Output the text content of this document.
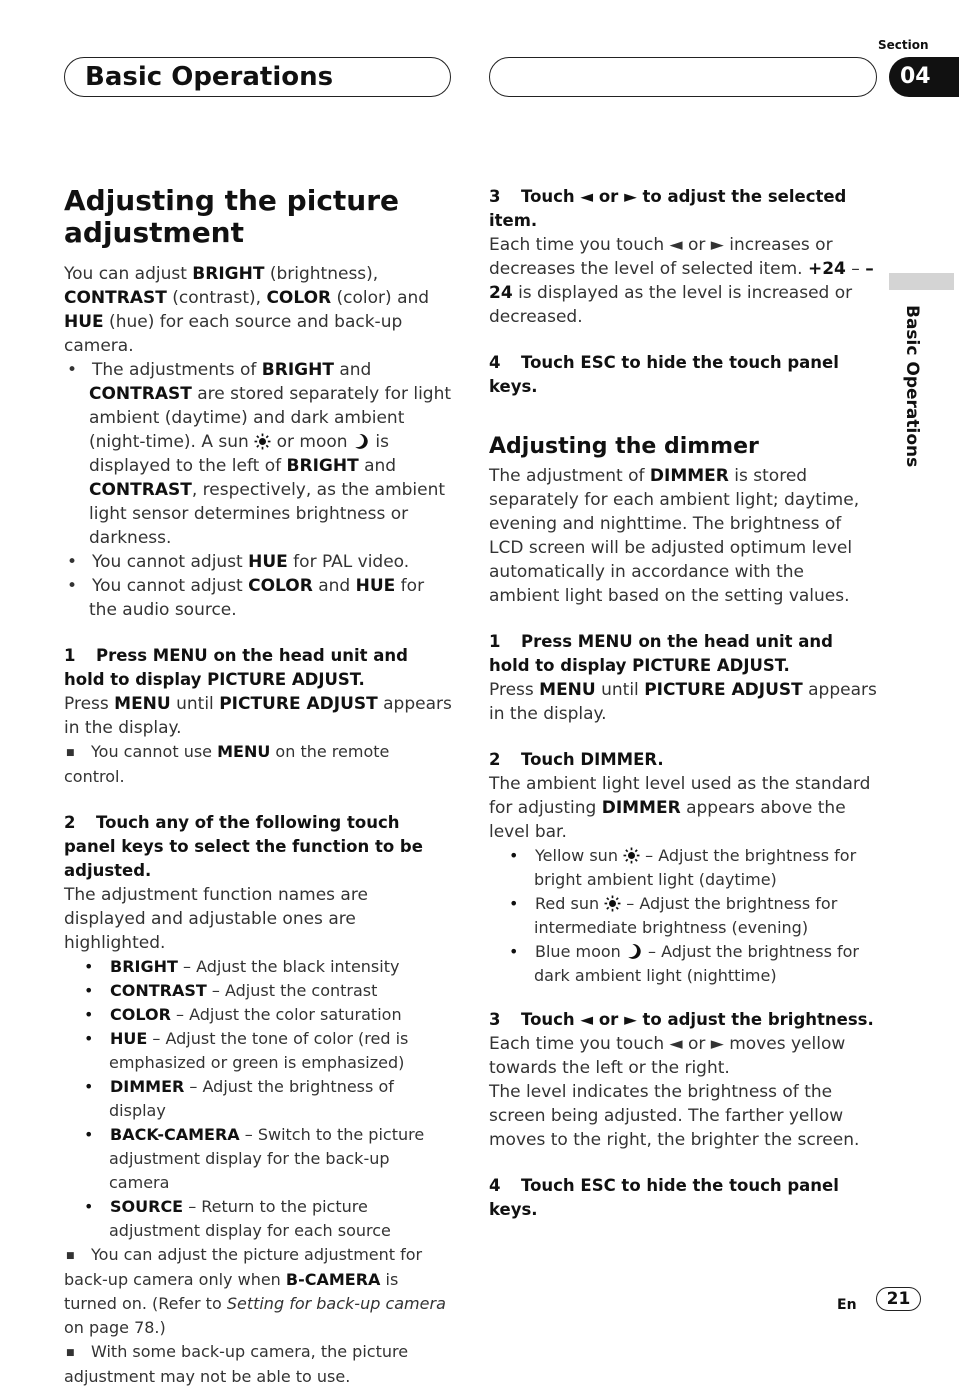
Basic Operations
Section
04
Basic Operations
Adjusting the picture adjustment

You can adjust BRIGHT (brightness), CONTRAST (contrast), COLOR (color) and HUE (hue) for each source and back-up camera.

• The adjustments of BRIGHT and CONTRAST are stored separately for light ambient (daytime) and dark ambient (night-time). A sun  or moon  is displayed to the left of BRIGHT and CONTRAST, respectively, as the ambient light sensor determines brightness or darkness.

• You cannot adjust HUE for PAL video.

• You cannot adjust COLOR and HUE for the audio source.

1 Press MENU on the head unit and hold to display PICTURE ADJUST.

Press MENU until PICTURE ADJUST appears in the display.

■ You cannot use MENU on the remote control.

2 Touch any of the following touch panel keys to select the function to be adjusted.

The adjustment function names are displayed and adjustable ones are highlighted.

• BRIGHT – Adjust the black intensity

• CONTRAST – Adjust the contrast

• COLOR – Adjust the color saturation

• HUE – Adjust the tone of color (red is emphasized or green is emphasized)

• DIMMER – Adjust the brightness of display

• BACK-CAMERA – Switch to the picture adjustment display for the back-up camera

• SOURCE – Return to the picture adjustment display for each source

■ You can adjust the picture adjustment for back-up camera only when B-CAMERA is turned on. (Refer to Setting for back-up camera on page 78.)

■ With some back-up camera, the picture adjustment may not be able to use.

3 Touch ◄ or ► to adjust the selected item.

Each time you touch ◄ or ► increases or decreases the level of selected item. +24 – –24 is displayed as the level is increased or decreased.

4 Touch ESC to hide the touch panel keys.

Adjusting the dimmer

The adjustment of DIMMER is stored separately for each ambient light; daytime, evening and nighttime. The brightness of LCD screen will be adjusted optimum level automatically in accordance with the ambient light based on the setting values.

1 Press MENU on the head unit and hold to display PICTURE ADJUST.

Press MENU until PICTURE ADJUST appears in the display.

2 Touch DIMMER.

The ambient light level used as the standard for adjusting DIMMER appears above the level bar.

• Yellow sun  – Adjust the brightness for bright ambient light (daytime)

• Red sun  – Adjust the brightness for intermediate brightness (evening)

• Blue moon  – Adjust the brightness for dark ambient light (nighttime)

3 Touch ◄ or ► to adjust the brightness.

Each time you touch ◄ or ► moves yellow towards the left or the right.

The level indicates the brightness of the screen being adjusted. The farther yellow moves to the right, the brighter the screen.

4 Touch ESC to hide the touch panel keys.

En	21
